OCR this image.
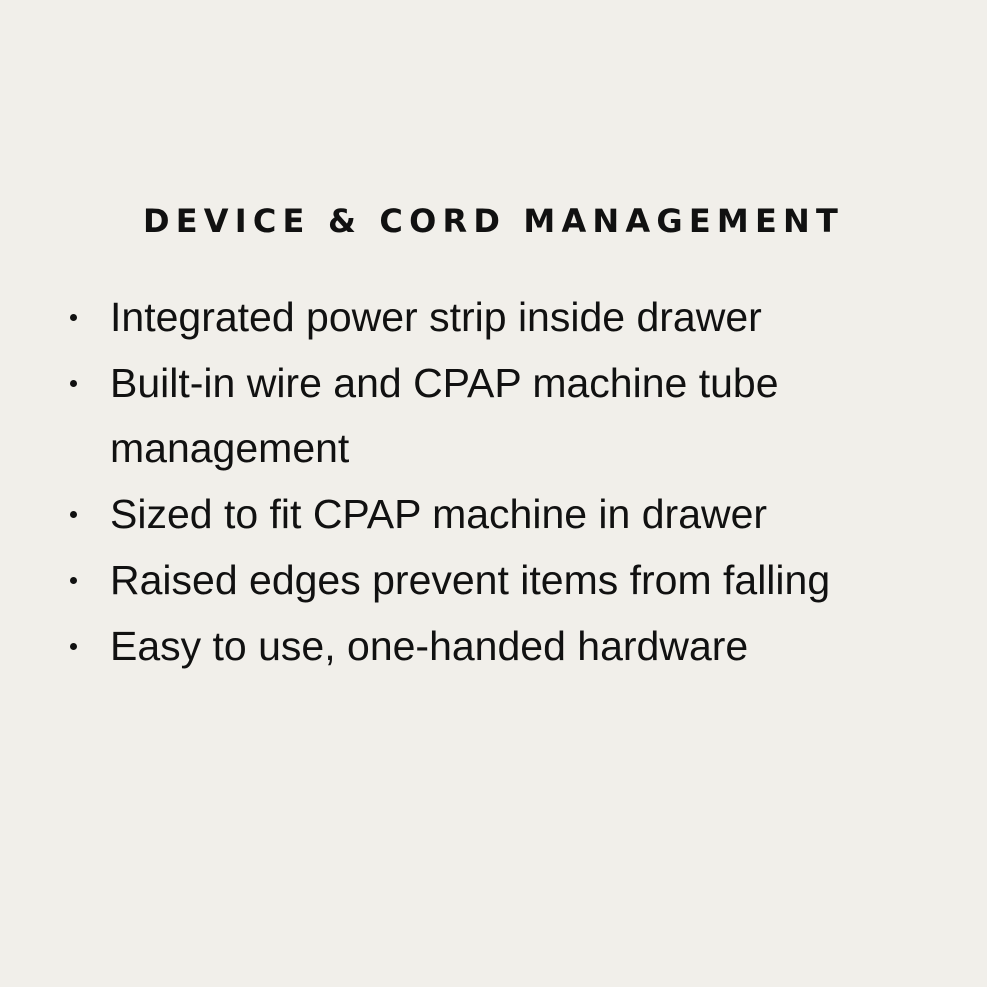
DEVICE & CORD MANAGEMENT
Integrated power strip inside drawer
Built-in wire and CPAP machine tube
management
Sized to fit CPAP machine in drawer
Raised edges prevent items from falling
Easy to use, one-handed hardware
